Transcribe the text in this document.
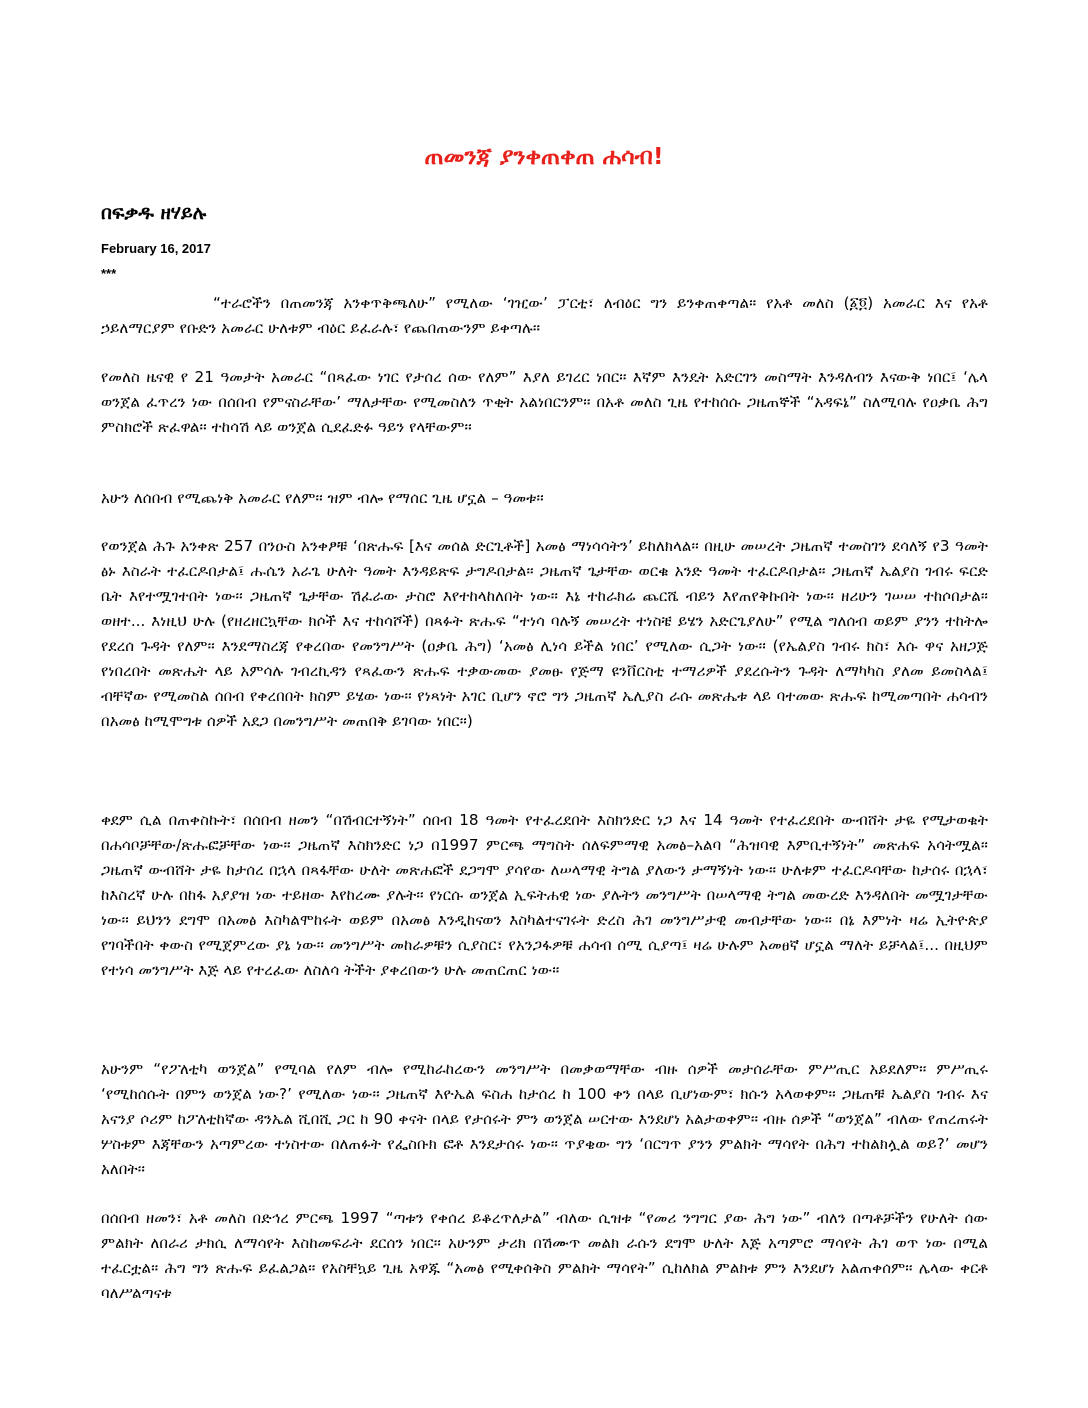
ጠመንጃ ያንቀጠቀጠ ሐሳብ!
በፍቃዱ ዘሃይሉ
February 16, 2017
***

“ተራሮችን በጠመንጃ አንቀጥቅጫለሁ” የሚለው ‘ገዢው’ ፓርቲ፣ ለብዕር ግን ይንቀጠቀጣል፡፡ የአቶ መለስ (፩፬) አመራር እና የአቶ ኃይለማርያም የቡድን አመራር ሁለቱም ብዕር ይፈራሉ፣ የጨበጠውንም ይቀጣሉ፡፡

የመለስ ዜናዊ የ 21 ዓመታት አመራር “በጻፈው ነገር የታሰረ ሰው የለም” እያለ ይገረር ነበር፡፡ እኛም እንዴት አድርገን መስማት እንዳለብን እናውቅ ነበር፤ ‘ሌላ ወንጀል ፈጥረን ነው በሰበብ የምናስራቸው’ ማለታቸው የሚመስለን ጥቂት አልነበርንም፡፡ በአቶ መለስ ጊዜ የተከሰሱ ጋዜጠኞች “አዳፍኔ” ስለሚባሉ የዐቃቤ ሕግ ምስክሮች ጽፈዋል፡፡ ተከሳሽ ላይ ወንጀል ሲደፈድፉ ዓይን የላቸውም፡፡

አሁን ለሰበብ የሚጨነቅ አመራር የለም፡፡ ዝም ብሎ የማሰር ጊዜ ሆኗል – ዓመቱ፡፡

የወንጀል ሕጉ አንቀጽ 257 በንዑስ አንቀፆቹ ‘በጽሑፍ [እና መሰል ድርጊቶች] አመፅ ማነሳሳትን’ ይከለክላል፡፡ በዚሁ መሠረት ጋዜጠኛ ተመስገን ደሳለኝ የ3 ዓመት ፅኑ እስራት ተፈርዶበታል፤ ሑሴን አራጌ ሁለት ዓመት እንዳይጽፍ ታግዶበታል፡፡ ጋዜጠኛ ጌታቸው ወርቁ አንድ ዓመት ተፈርዶበታል፡፡ ጋዜጠኛ ኤልያስ ገብሩ ፍርድ ቤት እየተሟገተበት ነው፡፡ ጋዜጠኛ ጌታቸው ሽፈራው ታስሮ እየተከላከለበት ነው፡፡ እኔ ተከራክሬ ጨርሼ ብይን እየጠየቅኩበት ነው፡፡ ዘሪሁን ገሠሠ ተከሶበታል፡፡ ወዘተ... እነዚህ ሁሉ (የዘረዘርኳቸው ክሶች እና ተከሳሾች) በጻፉት ጽሑፍ “ተነሳ ባሉኝ መሠረት ተነስቼ ይሄን አድርጌያለሁ” የሚል ግለሰብ ወይም ያንን ተከትሎ የደረሰ ጉዳት የለም፡፡ እንደማስረጃ የቀረበው የመንግሥት (ዐቃቤ ሕግ) ‘አመፅ ሊነሳ ይችል ነበር’ የሚለው ሲጋት ነው፡፡ (የኤልያስ ገብሩ ክስ፣ እሱ ዋና አዘጋጅ የነበረበት መጽሔት ላይ አምሳሉ ገብረኪዳን የጻፈውን ጽሑፍ ተቃውመው ያመፁ የጅማ ዩንቨርስቲ ተማሪዎች ያደረሱትን ጉዳት ለማካካስ ያለመ ይመስላል፤ ብቸኛው የሚመስል ሰበብ የቀረበበት ክስም ይሄው ነው፡፡ የነጻነት አገር ቢሆን ኖሮ ግን ጋዜጠኛ ኤሊያስ ራሱ መጽሔቱ ላይ ባተመው ጽሑፍ ከሚመጣበት ሐሳብን በአመፅ ከሚሞግቱ ሰዎች አደጋ በመንግሥት መጠበቅ ይገባው ነበር፡፡)

ቀደም ሲል በጠቀስኩት፣ በሰበብ ዘመን “በሽብርተኝነት” ሰበብ 18 ዓመት የተፈረደበት እስክንድር ነጋ እና 14 ዓመት የተፈረደበት ውብሸት ታዬ የሚታወቁት በሐሳቦቻቸው/ጽሑፎቻቸው ነው፡፡ ጋዜጠኛ እስክንድር ነጋ በ1997 ምርጫ ማግስት ሰለፍምማዊ አመፅ–አልባ “ሕዝባዊ እምቢተኝነት” መጽሐፍ አሳትሟል፡፡ ጋዜጠኛ ውብሸት ታዬ ከታሰረ በኋላ በጻፋቸው ሁለት መጽሐፎች ደጋግሞ ያሳየው ለሠላማዊ ትግል ያለውን ታማኝነት ነው፡፡ ሁለቱም ተፈርዶባቸው ከታሰሩ በኋላ፣ ከእስረኛ ሁሉ በከፋ አያያዝ ነው ተይዘው እየከረሙ ያሉት፡፡ የነርሱ ወንጀል ኢፍትሐዊ ነው ያሉትን መንግሥት በሠላማዊ ትግል መውረድ እንዳለበት መሟገታቸው ነው፡፡ ይህንን ደግሞ በአመፅ እስካልሞከሩት ወይም በአመፅ እንዲከናወን እስካልተናገሩት ድረስ ሕገ መንግሥታዊ መብታቸው ነው፡፡ በኔ እምነት ዛሬ ኢትዮጵያ የገባችበት ቀውስ የሚጀምረው ያኔ ነው፡፡ መንግሥት መከራዎቹን ሲያስር፣ የአንጋፋዎቹ ሐሳብ ሰሚ ሲያጣ፤ ዛሬ ሁሉም አመፀኛ ሆኗል ማለት ይቻላል፤... በዚህም የተነሳ መንግሥት እጅ ላይ የተረፈው ለስለሳ ትችት ያቀረበውን ሁሉ መጠርጠር ነው፡፡

አሁንም “የፖለቲካ ወንጀል” የሚባል የለም ብሎ የሚከራከረውን መንግሥት በመቃወማቸው ብዙ ሰዎች መታሰራቸው ምሥጢር አይደለም፡፡ ምሥጢሩ ‘የሚከሰሱት በምን ወንጀል ነው?’ የሚለው ነው፡፡ ጋዜጠኛ እዮኤል ፍስሐ ከታሰረ ከ 100 ቀን በላይ ቢሆነውም፣ ክሱን አላወቀም፡፡ ጋዜጠቹ ኤልያስ ገብሩ እና አናንያ ሶሪም ከፖለቲከኛው ዳንኤል ሺበሺ ጋር ከ 90 ቀናት በላይ የታሰሩት ምን ወንጀል ሠርተው እንደሆነ አልታወቀም፡፡ ብዙ ሰዎች “ወንጀል” ብለው የጠረጠሩት ሦስቱም እጃቸውን አጣምረው ተነስተው በለጠፉት የፌስቡክ ፎቶ እንደታሰሩ ነው፡፡ ጥያቄው ግን ‘በርግጥ ያንን ምልክት ማሳየት በሕግ ተከልክሏል ወይ?’ መሆን አለበት፡፡

በሰበብ ዘመን፣ አቶ መለስ በድኅረ ምርጫ 1997 “ጣቱን የቀሰረ ይቆረጥለታል” ብለው ሲዝቱ “የመሪ ንግግር ያው ሕግ ነው” ብለን በጣቶቻችን የሁለት ሰው ምልክት ለበራሪ ታክሲ ለማሳየት እስከመፍራት ደርሰን ነበር፡፡ አሁንም ታሪክ በሽሙጥ መልክ ራሱን ደግሞ ሁለት እጅ አጣምሮ ማሳየት ሕገ ወጥ ነው በሚል ተፈርቷል፡፡ ሕግ ግን ጽሑፍ ይፈልጋል፡፡ የአስቸኳይ ጊዜ አዋጁ “አመፅ የሚቀሰቅስ ምልክት ማሳየት” ሲከለክል ምልክቱ ምን እንደሆነ አልጠቀሰም፡፡ ሌላው ቀርቶ ባለሥልጣናቱ
